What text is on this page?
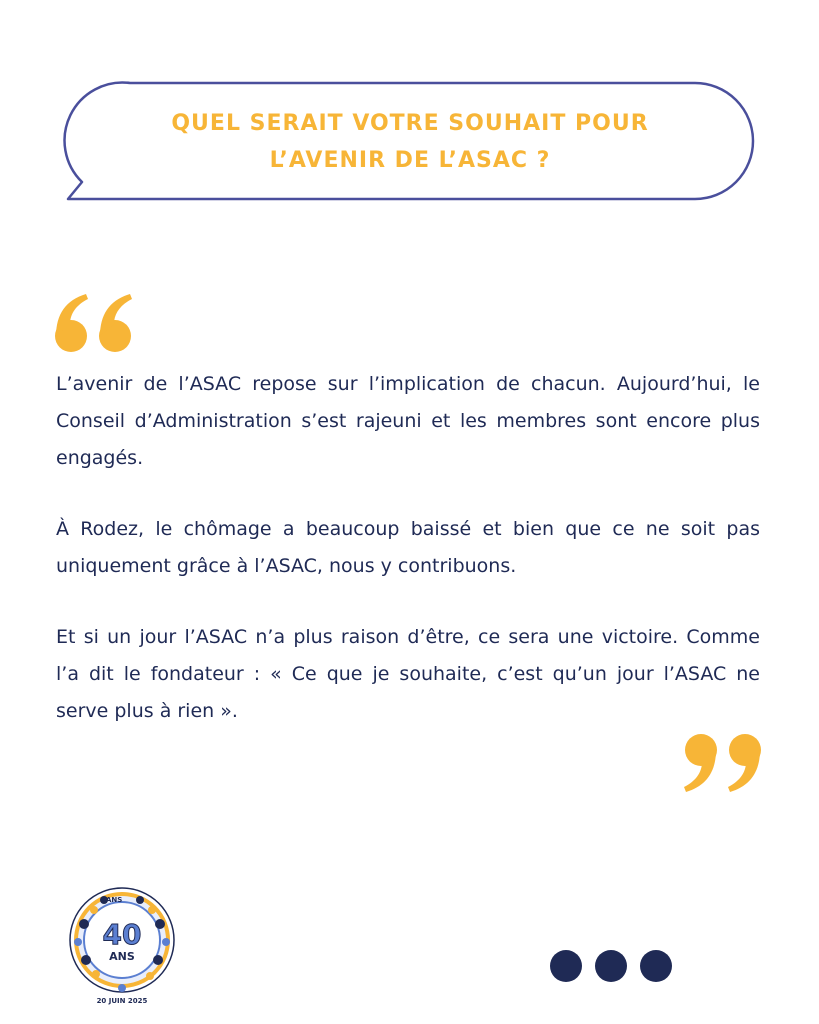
QUEL SERAIT VOTRE SOUHAIT POUR
L’AVENIR DE L’ASAC ?

L’avenir de l’ASAC repose sur l’implication de chacun. Aujourd’hui, le Conseil d’Administration s’est rajeuni et les membres sont encore plus engagés.

À Rodez, le chômage a beaucoup baissé et bien que ce ne soit pas uniquement grâce à l’ASAC, nous y contribuons.

Et si un jour l’ASAC n’a plus raison d’être, ce sera une victoire. Comme l’a dit le fondateur : « Ce que je souhaite, c’est qu’un jour l’ASAC ne serve plus à rien ».

ANS
40
ANS
20 JUIN 2025
